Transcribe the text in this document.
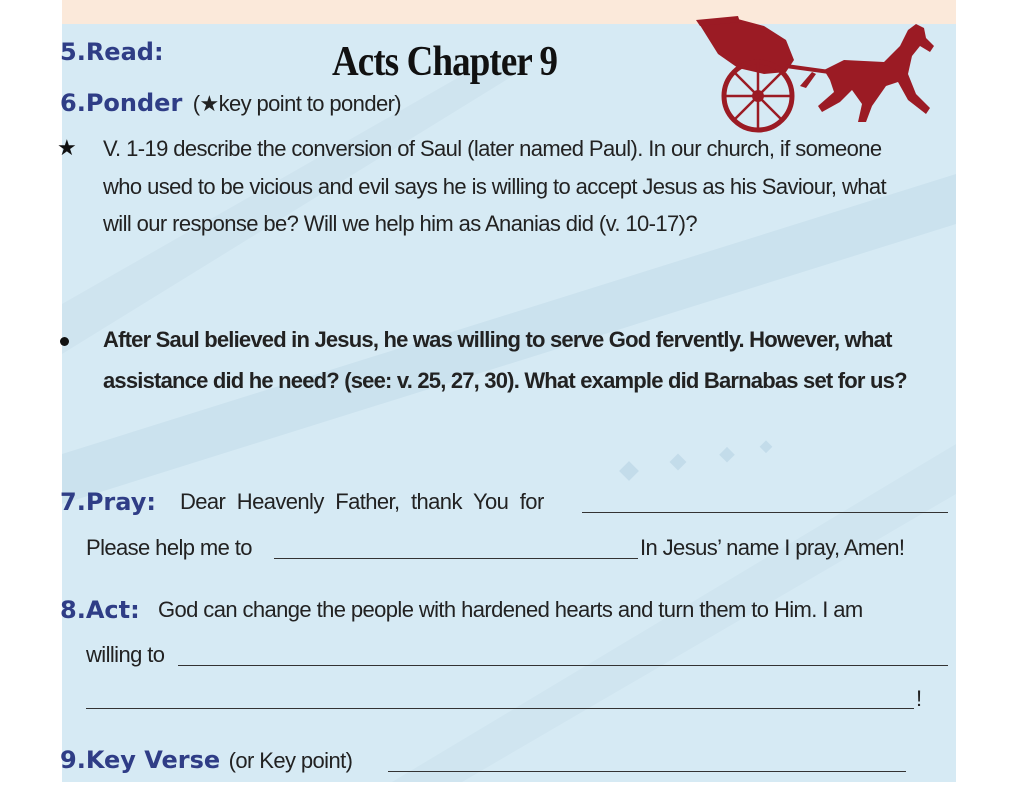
5.Read:	Acts Chapter 9
6.Ponder (★key point to ponder)
★ V. 1-19 describe the conversion of Saul (later named Paul). In our church, if someone
who used to be vicious and evil says he is willing to accept Jesus as his Saviour, what
will our response be? Will we help him as Ananias did (v. 10-17)?
After Saul believed in Jesus, he was willing to serve God fervently. However, what
assistance did he need? (see: v. 25, 27, 30). What example did Barnabas set for us?
7.Pray: Dear Heavenly Father, thank You for
Please help me to	In Jesus’ name I pray, Amen!
8.Act: God can change the people with hardened hearts and turn them to Him. I am
willing to
!
9.Key Verse (or Key point)
